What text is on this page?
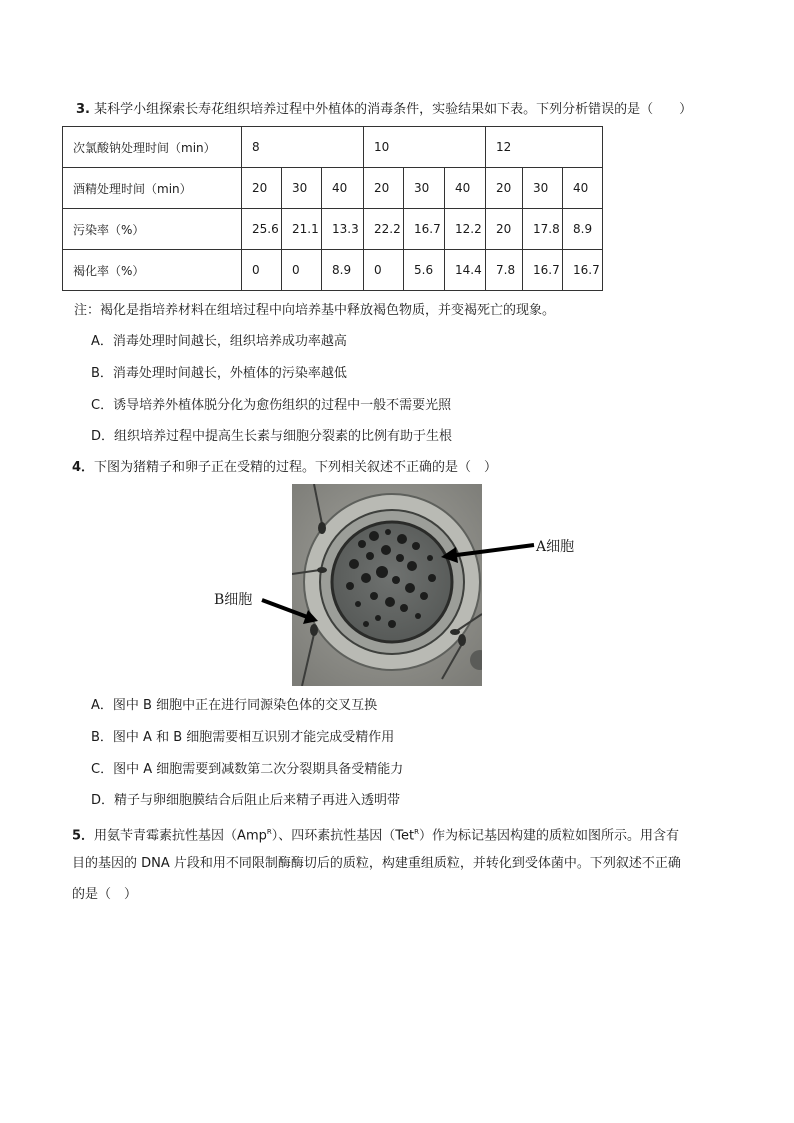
3. 某科学小组探索长寿花组织培养过程中外植体的消毒条件，实验结果如下表。下列分析错误的是（　　）
次氯酸钠处理时间（min）	8			10			12		
酒精处理时间（min）	20	30	40	20	30	40	20	30	40
污染率（%）	25.6	21.1	13.3	22.2	16.7	12.2	20	17.8	8.9
褐化率（%）	0	0	8.9	0	5.6	14.4	7.8	16.7	16.7
注：褐化是指培养材料在组培过程中向培养基中释放褐色物质，并变褐死亡的现象。
A．消毒处理时间越长，组织培养成功率越高
B．消毒处理时间越长，外植体的污染率越低
C．诱导培养外植体脱分化为愈伤组织的过程中一般不需要光照
D．组织培养过程中提高生长素与细胞分裂素的比例有助于生根
4．下图为猪精子和卵子正在受精的过程。下列相关叙述不正确的是（　）
A细胞
B细胞
A．图中 B 细胞中正在进行同源染色体的交叉互换
B．图中 A 和 B 细胞需要相互识别才能完成受精作用
C．图中 A 细胞需要到减数第二次分裂期具备受精能力
D．精子与卵细胞膜结合后阻止后来精子再进入透明带
5．用氨苄青霉素抗性基因（Amp$^R$）、四环素抗性基因（Tet$^R$）作为标记基因构建的质粒如图所示。用含有
目的基因的 DNA 片段和用不同限制酶酶切后的质粒，构建重组质粒，并转化到受体菌中。下列叙述不正确
的是（　）
